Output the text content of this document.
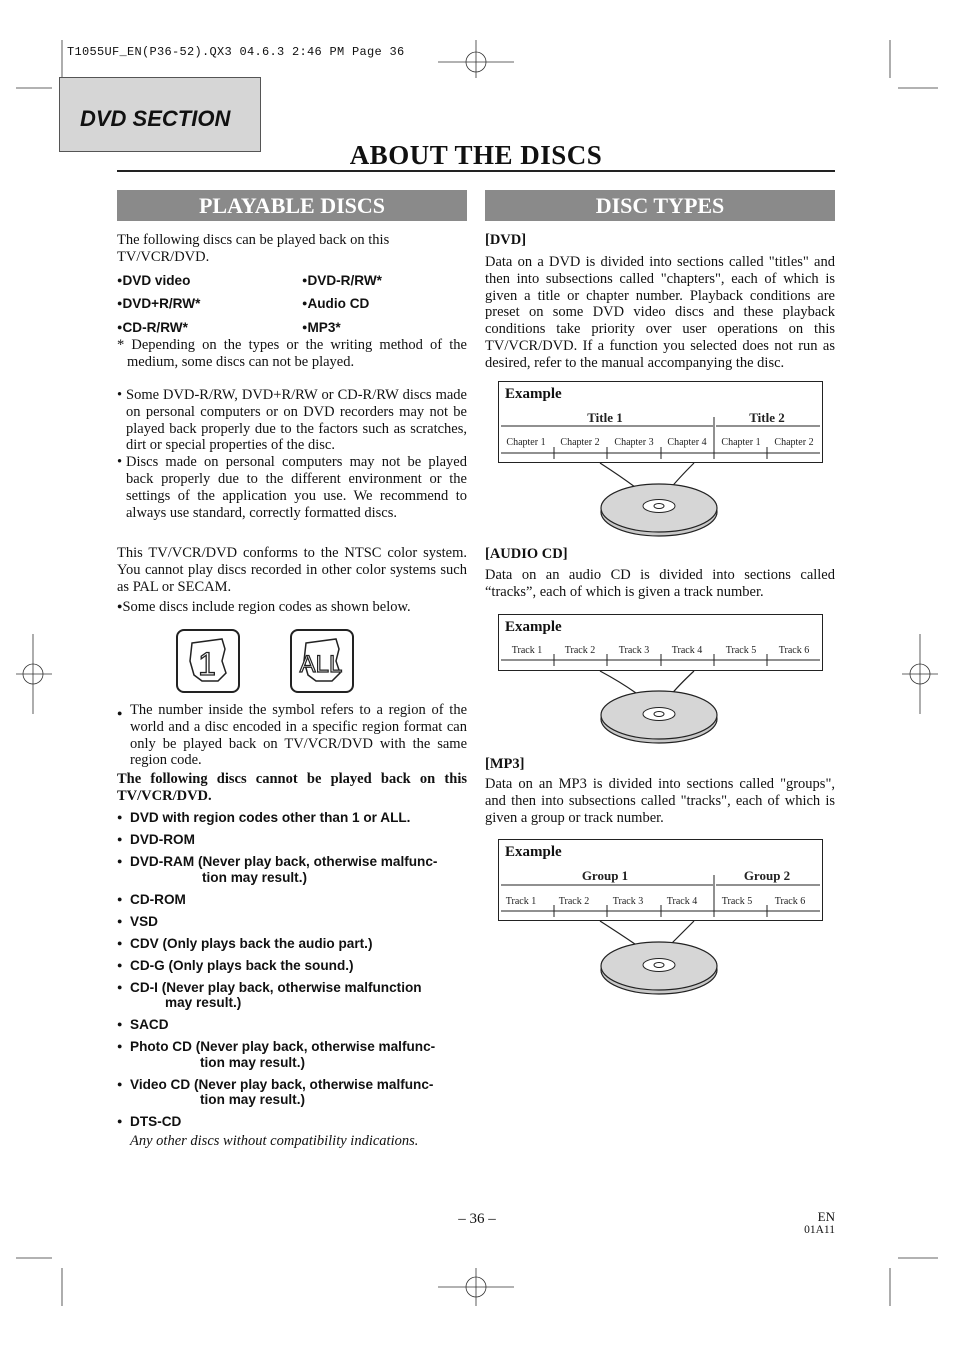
T1055UF_EN(P36-52).QX3 04.6.3 2:46 PM Page 36
DVD SECTION
ABOUT THE DISCS
PLAYABLE DISCS
The following discs can be played back on this TV/VCR/DVD.
●DVD video	●DVD-R/RW*
●DVD+R/RW*	●Audio CD
●CD-R/RW*	●MP3*
* Depending on the types or the writing method of the medium, some discs can not be played.
• Some DVD-R/RW, DVD+R/RW or CD-R/RW discs made on personal computers or on DVD recorders may not be played back properly due to the factors such as scratches, dirt or special properties of the disc.
• Discs made on personal computers may not be played back properly due to the different environment or the settings of the application you use. We recommend to always use standard, correctly formatted discs.
This TV/VCR/DVD conforms to the NTSC color system. You cannot play discs recorded in other color systems such as PAL or SECAM.
●Some discs include region codes as shown below.
1	ALL
● The number inside the symbol refers to a region of the world and a disc encoded in a specific region format can only be played back on TV/VCR/DVD with the same region code.
The following discs cannot be played back on this TV/VCR/DVD.
● DVD with region codes other than 1 or ALL.
● DVD-ROM
● DVD-RAM (Never play back, otherwise malfunc-
tion may result.)
● CD-ROM
● VSD
● CDV (Only plays back the audio part.)
● CD-G (Only plays back the sound.)
● CD-I (Never play back, otherwise malfunction
may result.)
● SACD
● Photo CD (Never play back, otherwise malfunc-
tion may result.)
● Video CD (Never play back, otherwise malfunc-
tion may result.)
● DTS-CD
Any other discs without compatibility indications.
DISC TYPES
[DVD]
Data on a DVD is divided into sections called "titles" and then into subsections called "chapters", each of which is given a title or chapter number. Playback conditions are preset on some DVD video discs and these playback conditions take priority over user operations on this TV/VCR/DVD. If a function you selected does not run as desired, refer to the manual accompanying the disc.
Example
Title 1	Title 2
Chapter 1 Chapter 2 Chapter 3 Chapter 4 Chapter 1 Chapter 2
[AUDIO CD]
Data on an audio CD is divided into sections called “tracks”, each of which is given a track number.
Example
Track 1 Track 2 Track 3 Track 4 Track 5 Track 6
[MP3]
Data on an MP3 is divided into sections called "groups", and then into subsections called "tracks", each of which is given a group or track number.
Example
Group 1	Group 2
Track 1 Track 2 Track 3 Track 4 Track 5 Track 6
– 36 –	EN
01A11
